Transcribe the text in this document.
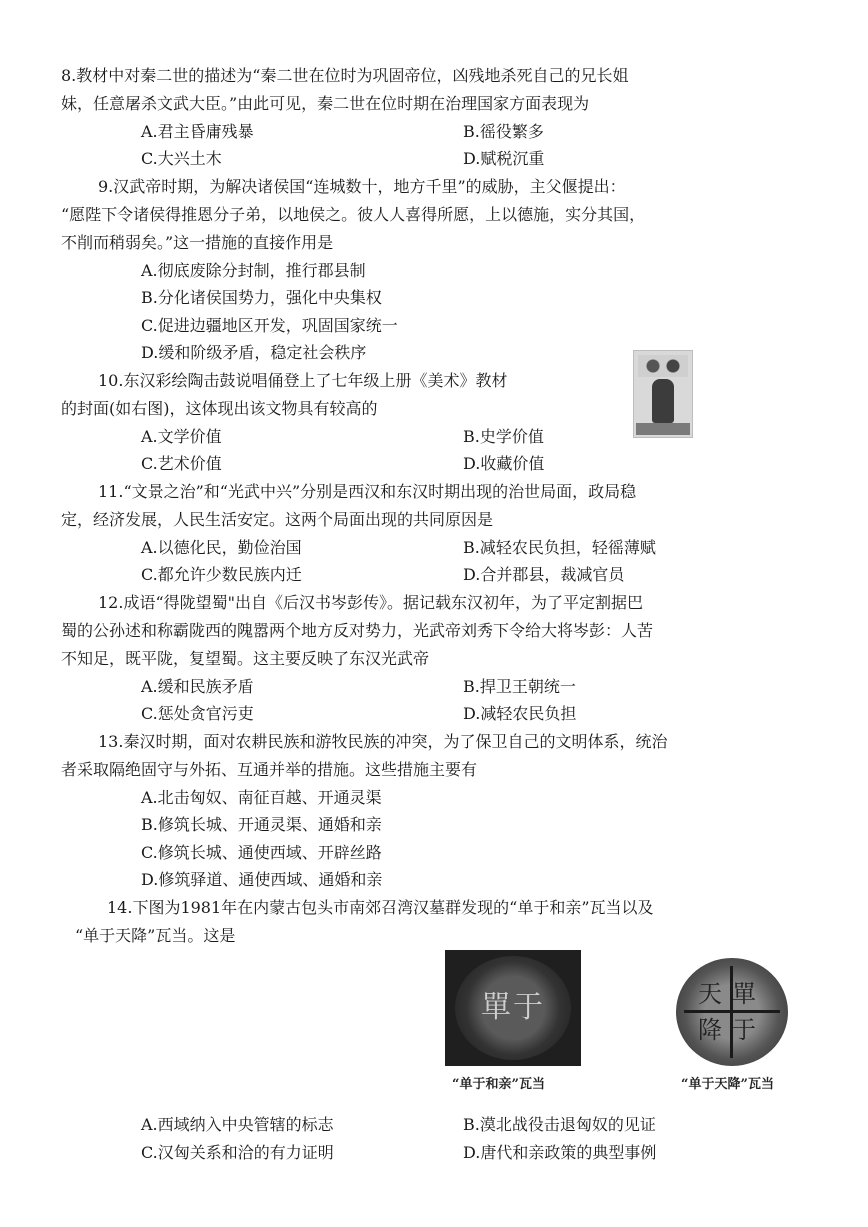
8.教材中对秦二世的描述为“秦二世在位时为巩固帝位，凶残地杀死自己的兄长姐
妹，任意屠杀文武大臣。”由此可见，秦二世在位时期在治理国家方面表现为
A.君主昏庸残暴	B.徭役繁多
C.大兴土木	D.赋税沉重
9.汉武帝时期，为解决诸侯国“连城数十，地方千里”的威胁，主父偃提出：
“愿陛下令诸侯得推恩分子弟，以地侯之。彼人人喜得所愿，上以德施，实分其国，
不削而稍弱矣。”这一措施的直接作用是
A.彻底废除分封制，推行郡县制
B.分化诸侯国势力，强化中央集权
C.促进边疆地区开发，巩固国家统一
D.缓和阶级矛盾，稳定社会秩序
10.东汉彩绘陶击鼓说唱俑登上了七年级上册《美术》教材
的封面(如右图)，这体现出该文物具有较高的
A.文学价值	B.史学价值
C.艺术价值	D.收藏价值
11.“文景之治”和“光武中兴”分别是西汉和东汉时期出现的治世局面，政局稳
定，经济发展，人民生活安定。这两个局面出现的共同原因是
A.以德化民，勤俭治国	B.减轻农民负担，轻徭薄赋
C.都允许少数民族内迁	D.合并郡县，裁减官员
12.成语“得陇望蜀"出自《后汉书岑彭传》。据记载东汉初年，为了平定割据巴
蜀的公孙述和称霸陇西的隗嚣两个地方反对势力，光武帝刘秀下令给大将岑彭：人苦
不知足，既平陇，复望蜀。这主要反映了东汉光武帝
A.缓和民族矛盾	B.捍卫王朝统一
C.惩处贪官污吏	D.减轻农民负担
13.秦汉时期，面对农耕民族和游牧民族的冲突，为了保卫自己的文明体系，统治
者采取隔绝固守与外拓、互通并举的措施。这些措施主要有
A.北击匈奴、南征百越、开通灵渠
B.修筑长城、开通灵渠、通婚和亲
C.修筑长城、通使西域、开辟丝路
D.修筑驿道、通使西域、通婚和亲
14.下图为1981年在内蒙古包头市南郊召湾汉墓群发现的“单于和亲”瓦当以及
“单于天降”瓦当。这是
單于
“单于和亲”瓦当
天單降于
“单于天降”瓦当
A.西域纳入中央管辖的标志	B.漠北战役击退匈奴的见证
C.汉匈关系和洽的有力证明	D.唐代和亲政策的典型事例
